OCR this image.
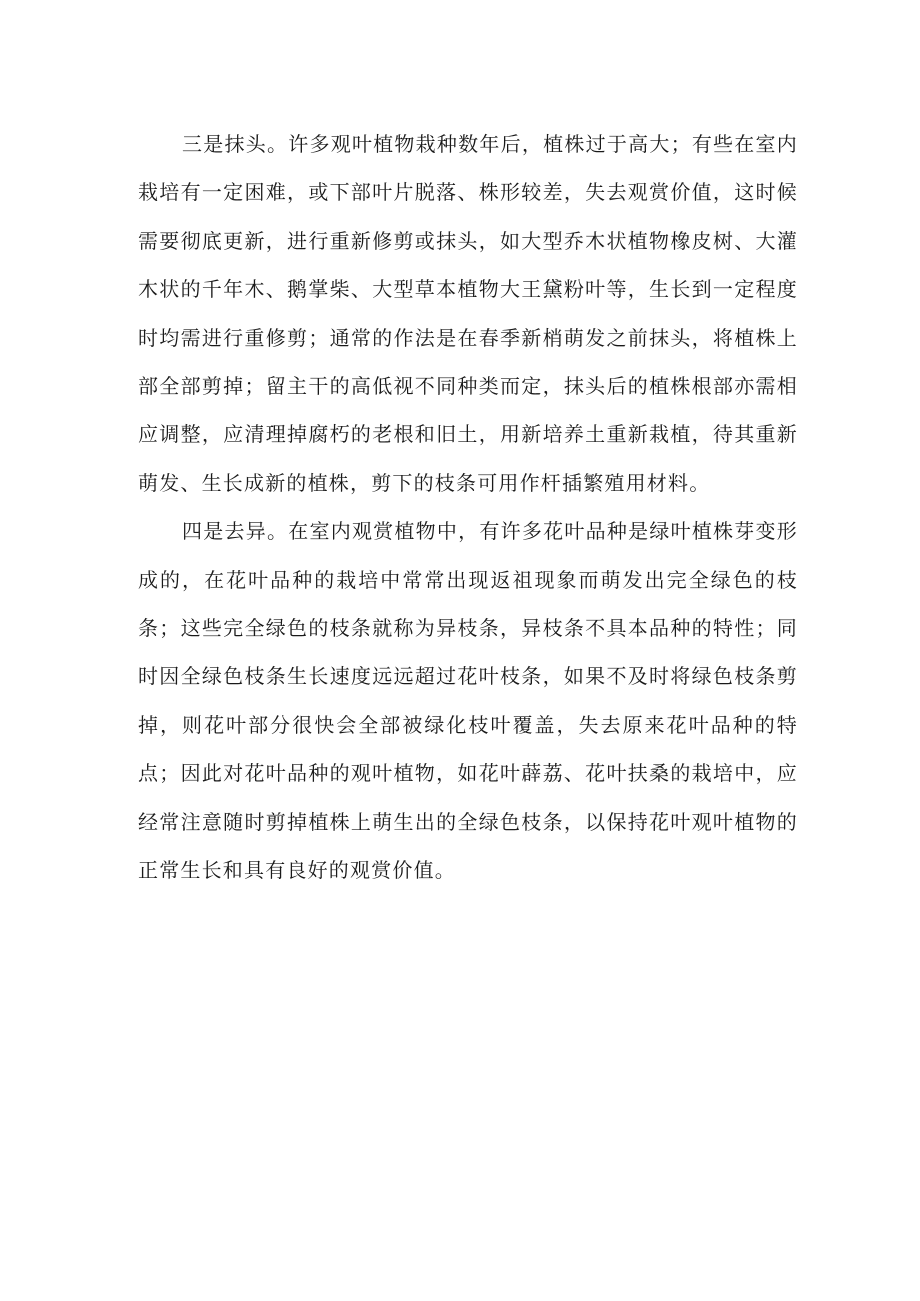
三是抹头。许多观叶植物栽种数年后，植株过于高大；有些在室内栽培有一定困难，或下部叶片脱落、株形较差，失去观赏价值，这时候需要彻底更新，进行重新修剪或抹头，如大型乔木状植物橡皮树、大灌木状的千年木、鹅掌柴、大型草本植物大王黛粉叶等，生长到一定程度时均需进行重修剪；通常的作法是在春季新梢萌发之前抹头，将植株上部全部剪掉；留主干的高低视不同种类而定，抹头后的植株根部亦需相应调整，应清理掉腐朽的老根和旧土，用新培养土重新栽植，待其重新萌发、生长成新的植株，剪下的枝条可用作杆插繁殖用材料。

四是去异。在室内观赏植物中，有许多花叶品种是绿叶植株芽变形成的，在花叶品种的栽培中常常出现返祖现象而萌发出完全绿色的枝条；这些完全绿色的枝条就称为异枝条，异枝条不具本品种的特性；同时因全绿色枝条生长速度远远超过花叶枝条，如果不及时将绿色枝条剪掉，则花叶部分很快会全部被绿化枝叶覆盖，失去原来花叶品种的特点；因此对花叶品种的观叶植物，如花叶薜荔、花叶扶桑的栽培中，应经常注意随时剪掉植株上萌生出的全绿色枝条，以保持花叶观叶植物的正常生长和具有良好的观赏价值。
